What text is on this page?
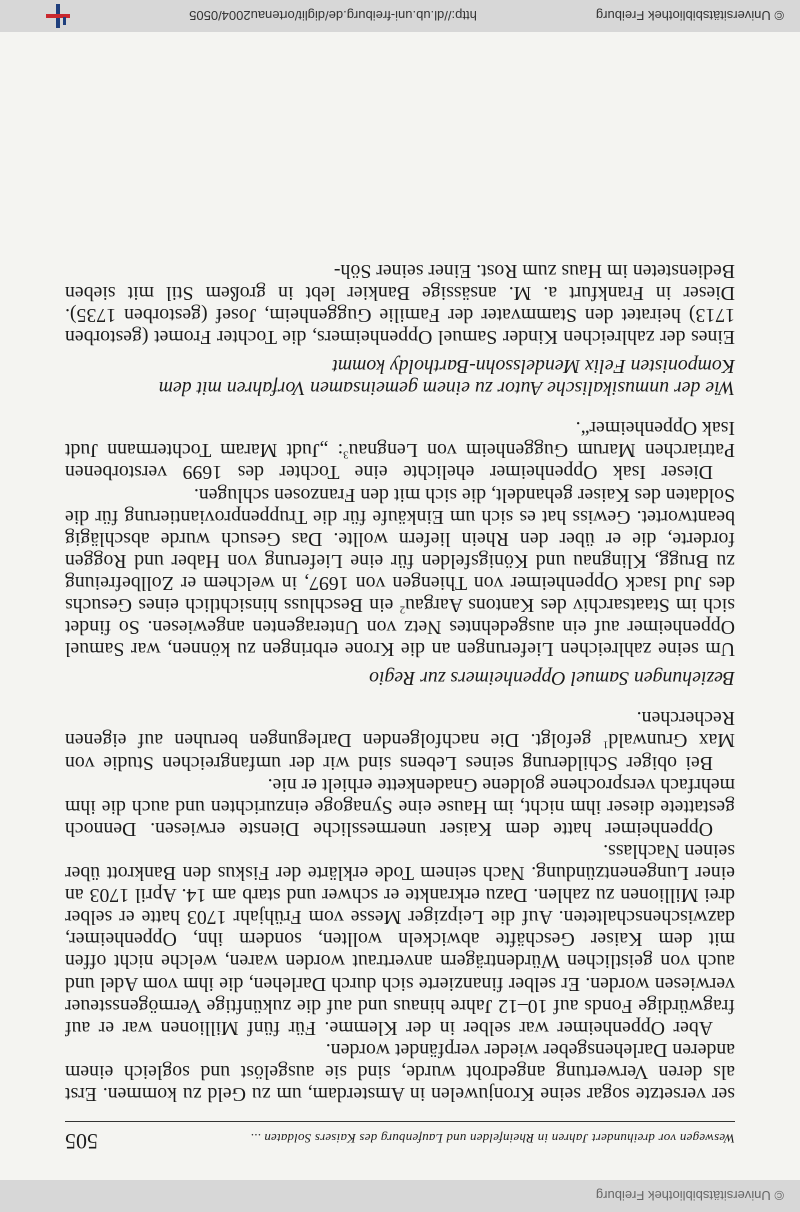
© Universitätsbibliothek Freiburg
Weswegen vor dreihundert Jahren in Rheinfelden und Laufenburg des Kaisers Soldaten ...
505

ser versetzte sogar seine Kronjuwelen in Amsterdam, um zu Geld zu kommen. Erst als deren Verwertung angedroht wurde, sind sie ausgelöst und sogleich einem anderen Darlehensgeber wieder verpfändet worden.

Aber Oppenheimer war selber in der Klemme. Für fünf Millionen war er auf fragwürdige Fonds auf 10–12 Jahre hinaus und auf die zukünftige Vermögenssteuer verwiesen worden. Er selber finanzierte sich durch Darlehen, die ihm vom Adel und auch von geistlichen Würdenträgern anvertraut worden waren, welche nicht offen mit dem Kaiser Geschäfte abwickeln wollten, sondern ihn, Oppenheimer, dazwischenschalteten. Auf die Leipziger Messe vom Frühjahr 1703 hatte er selber drei Millionen zu zahlen. Dazu erkrankte er schwer und starb am 14. April 1703 an einer Lungenentzündung. Nach seinem Tode erklärte der Fiskus den Bankrott über seinen Nachlass.

Oppenheimer hatte dem Kaiser unermessliche Dienste erwiesen. Dennoch gestattete dieser ihm nicht, im Hause eine Synagoge einzurichten und auch die ihm mehrfach versprochene goldene Gnadenkette erhielt er nie.

Bei obiger Schilderung seines Lebens sind wir der umfangreichen Studie von Max Grunwald$^1$ gefolgt. Die nachfolgenden Darlegungen beruhen auf eigenen Recherchen.

Beziehungen Samuel Oppenheimers zur Regio

Um seine zahlreichen Lieferungen an die Krone erbringen zu können, war Samuel Oppenheimer auf ein ausgedehntes Netz von Unteragenten angewiesen. So findet sich im Staatsarchiv des Kantons Aargau$^2$ ein Beschluss hinsichtlich eines Gesuchs des Jud Isack Oppenheimer von Thiengen von 1697, in welchem er Zollbefreiung zu Brugg, Klingnau und Königsfelden für eine Lieferung von Haber und Roggen forderte, die er über den Rhein liefern wollte. Das Gesuch wurde abschlägig beantwortet. Gewiss hat es sich um Einkäufe für die Truppenproviantierung für die Soldaten des Kaiser gehandelt, die sich mit den Franzosen schlugen.

Dieser Isak Oppenheimer ehelichte eine Tochter des 1699 verstorbenen Patriarchen Marum Guggenheim von Lengnau$^3$: „Judt Maram Tochtermann Judt Isak Oppenheimer“.

Wie der unmusikalische Autor zu einem gemeinsamen Vorfahren mit dem Komponisten Felix Mendelssohn-Bartholdy kommt

Eines der zahlreichen Kinder Samuel Oppenheimers, die Tochter Fromet (gestorben 1713) heiratet den Stammvater der Familie Guggenheim, Josef (gestorben 1735). Dieser in Frankfurt a. M. ansässige Bankier lebt in großem Stil mit sieben Bediensteten im Haus zum Rost. Einer seiner Söh-

© Universitätsbibliothek Freiburg
http://dl.ub.uni-freiburg.de/diglit/ortenau2004/0505
